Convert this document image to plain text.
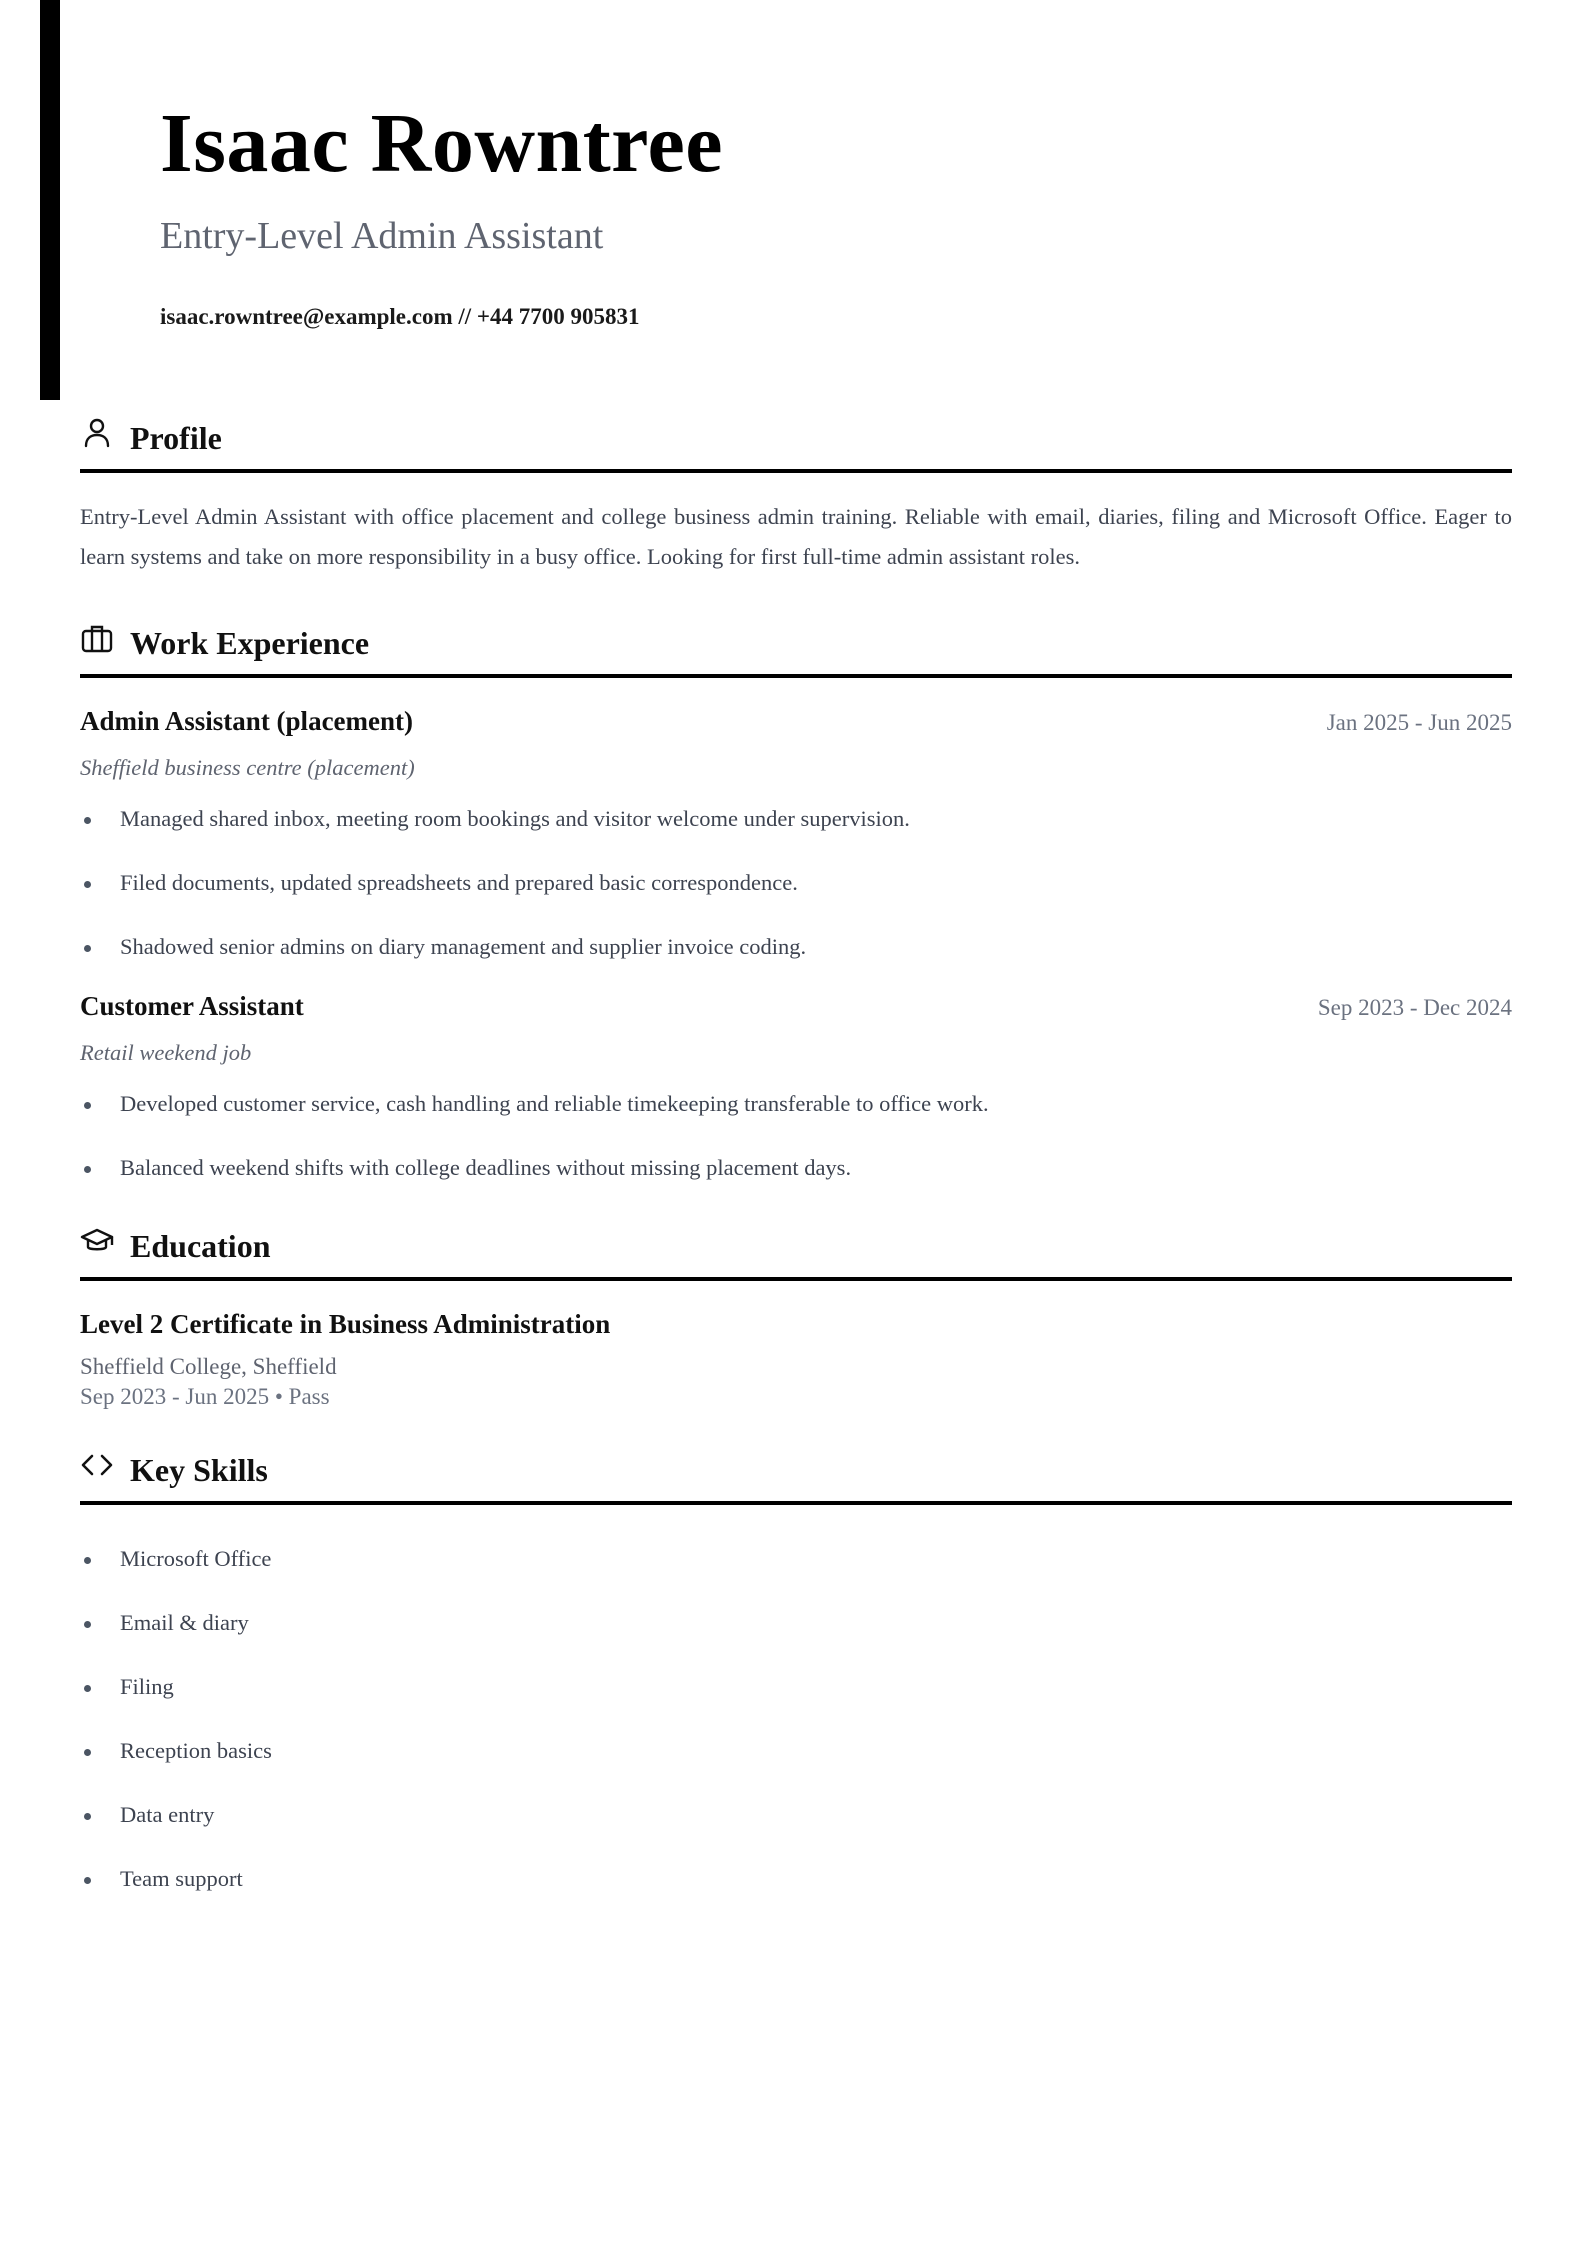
Isaac Rowntree
Entry-Level Admin Assistant
isaac.rowntree@example.com // +44 7700 905831
Profile

Entry-Level Admin Assistant with office placement and college business admin training. Reliable with email, diaries, filing and Microsoft Office. Eager to learn systems and take on more responsibility in a busy office. Looking for first full-time admin assistant roles.

Work Experience
Admin Assistant (placement)	Jan 2025 - Jun 2025
Sheffield business centre (placement)
Managed shared inbox, meeting room bookings and visitor welcome under supervision.
Filed documents, updated spreadsheets and prepared basic correspondence.
Shadowed senior admins on diary management and supplier invoice coding.
Customer Assistant	Sep 2023 - Dec 2024
Retail weekend job
Developed customer service, cash handling and reliable timekeeping transferable to office work.
Balanced weekend shifts with college deadlines without missing placement days.
Education
Level 2 Certificate in Business Administration
Sheffield College, Sheffield
Sep 2023 - Jun 2025 • Pass
Key Skills
Microsoft Office
Email & diary
Filing
Reception basics
Data entry
Team support
